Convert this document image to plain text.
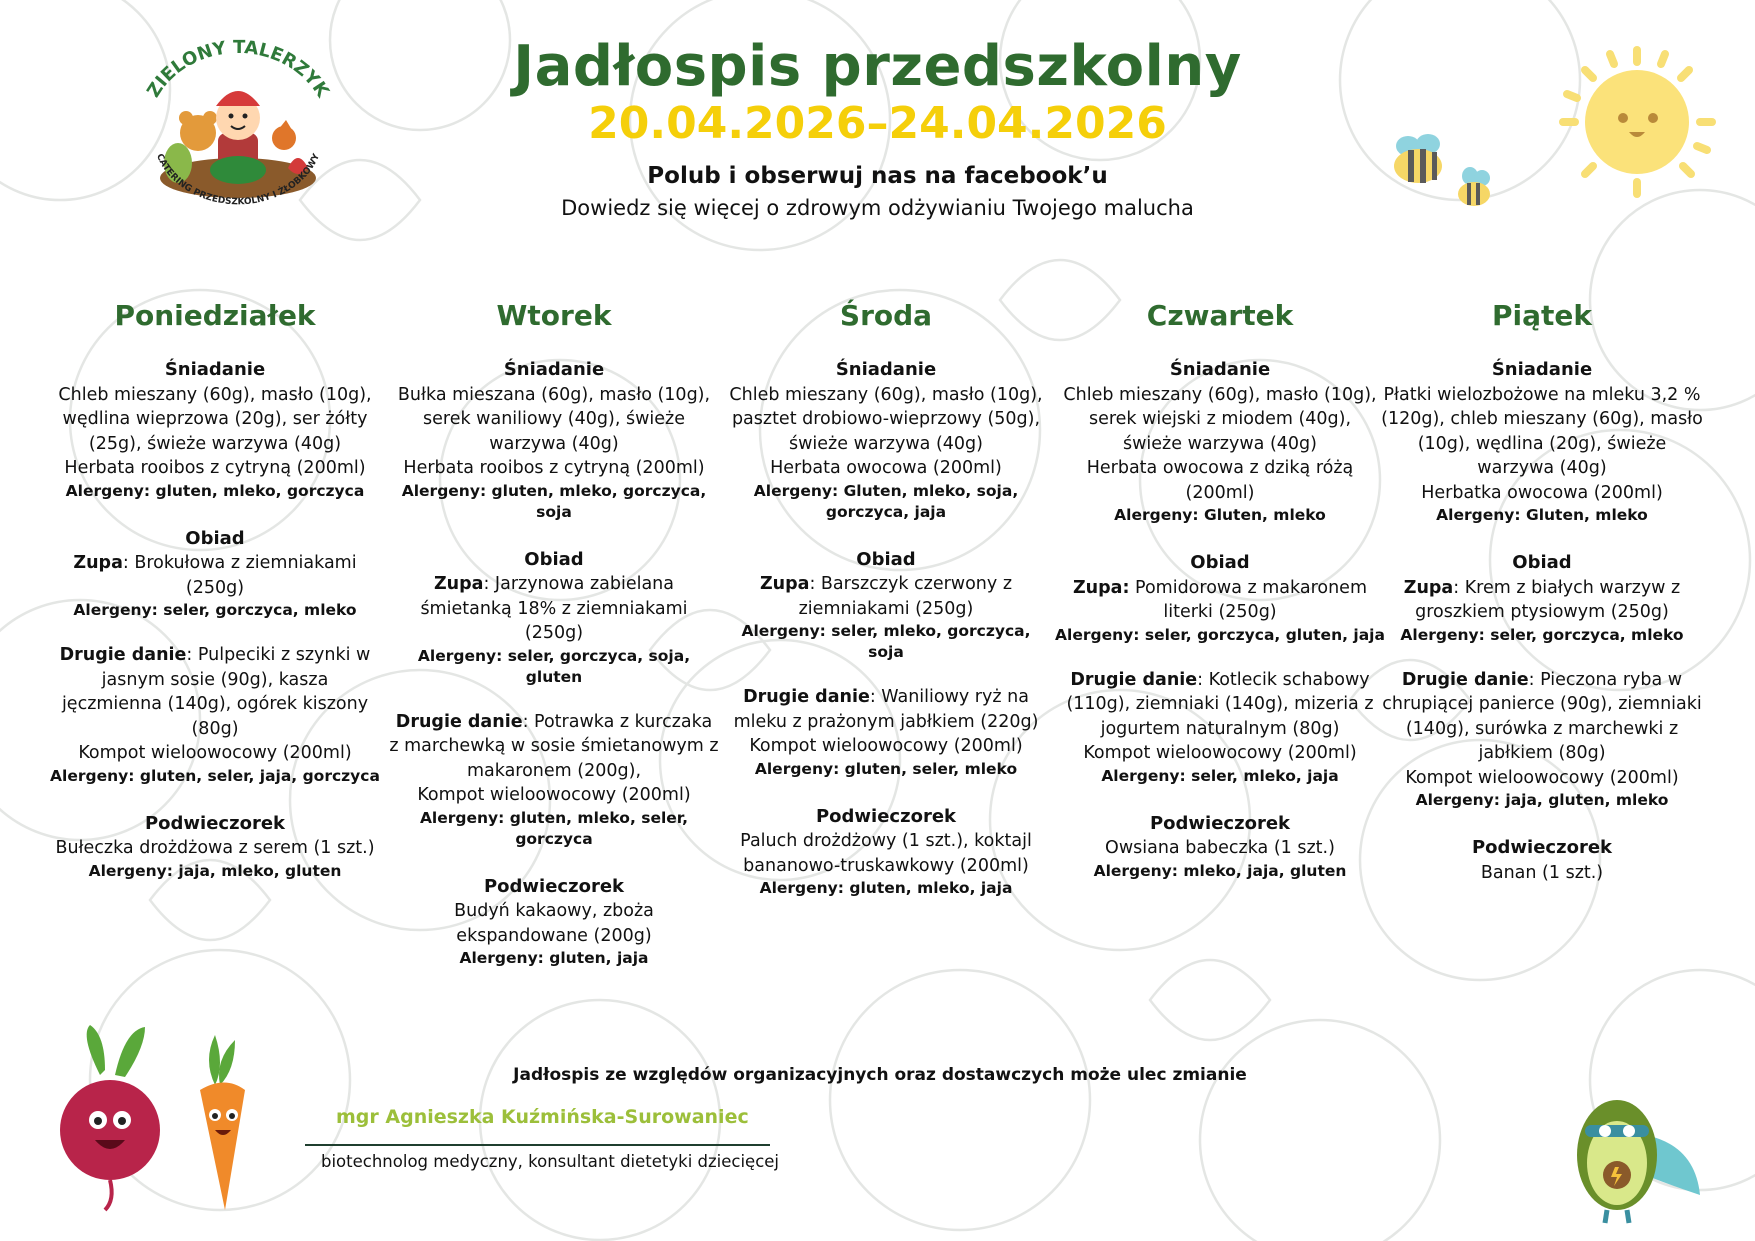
ZIELONY TALERZYK
CATERING PRZEDSZKOLNY I ŻŁOBKOWY
Jadłospis przedszkolny
20.04.2026–24.04.2026
Polub i obserwuj nas na facebook’u
Dowiedz się więcej o zdrowym odżywianiu Twojego malucha
Poniedziałek
Śniadanie
Chleb mieszany (60g), masło (10g), wędlina wieprzowa (20g), ser żółty (25g), świeże warzywa (40g)
Herbata rooibos z cytryną (200ml)
Alergeny: gluten, mleko, gorczyca
Obiad
Zupa: Brokułowa z ziemniakami (250g)
Alergeny: seler, gorczyca, mleko
Drugie danie: Pulpeciki z szynki w jasnym sosie (90g), kasza jęczmienna (140g), ogórek kiszony (80g)
Kompot wieloowocowy (200ml)
Alergeny: gluten, seler, jaja, gorczyca
Podwieczorek
Bułeczka drożdżowa z serem (1 szt.)
Alergeny: jaja, mleko, gluten
Wtorek
Śniadanie
Bułka mieszana (60g), masło (10g), serek waniliowy (40g), świeże warzywa (40g)
Herbata rooibos z cytryną (200ml)
Alergeny: gluten, mleko, gorczyca, soja
Obiad
Zupa: Jarzynowa zabielana śmietanką 18% z ziemniakami (250g)
Alergeny: seler, gorczyca, soja, gluten
Drugie danie: Potrawka z kurczaka z marchewką w sosie śmietanowym z makaronem (200g),
Kompot wieloowocowy (200ml)
Alergeny: gluten, mleko, seler, gorczyca
Podwieczorek
Budyń kakaowy, zboża ekspandowane (200g)
Alergeny: gluten, jaja
Środa
Śniadanie
Chleb mieszany (60g), masło (10g), pasztet drobiowo-wieprzowy (50g), świeże warzywa (40g)
Herbata owocowa (200ml)
Alergeny: Gluten, mleko, soja, gorczyca, jaja
Obiad
Zupa: Barszczyk czerwony z ziemniakami (250g)
Alergeny: seler, mleko, gorczyca, soja
Drugie danie: Waniliowy ryż na mleku z prażonym jabłkiem (220g)
Kompot wieloowocowy (200ml)
Alergeny: gluten, seler, mleko
Podwieczorek
Paluch drożdżowy (1 szt.), koktajl bananowo-truskawkowy (200ml)
Alergeny: gluten, mleko, jaja
Czwartek
Śniadanie
Chleb mieszany (60g), masło (10g), serek wiejski z miodem (40g),
świeże warzywa (40g)
Herbata owocowa z dziką różą (200ml)
Alergeny: Gluten, mleko
Obiad
Zupa: Pomidorowa z makaronem literki (250g)
Alergeny: seler, gorczyca, gluten, jaja
Drugie danie: Kotlecik schabowy (110g), ziemniaki (140g), mizeria z jogurtem naturalnym (80g)
Kompot wieloowocowy (200ml)
Alergeny: seler, mleko, jaja
Podwieczorek
Owsiana babeczka (1 szt.)
Alergeny: mleko, jaja, gluten
Piątek
Śniadanie
Płatki wielozbożowe na mleku 3,2 % (120g), chleb mieszany (60g), masło (10g), wędlina (20g), świeże warzywa (40g)
Herbatka owocowa (200ml)
Alergeny: Gluten, mleko
Obiad
Zupa: Krem z białych warzyw z groszkiem ptysiowym (250g)
Alergeny: seler, gorczyca, mleko
Drugie danie: Pieczona ryba w chrupiącej panierce (90g), ziemniaki (140g), surówka z marchewki z jabłkiem (80g)
Kompot wieloowocowy (200ml)
Alergeny: jaja, gluten, mleko
Podwieczorek
Banan (1 szt.)
Jadłospis ze względów organizacyjnych oraz dostawczych może ulec zmianie
mgr Agnieszka Kuźmińska-Surowaniec
biotechnolog medyczny, konsultant dietetyki dziecięcej
